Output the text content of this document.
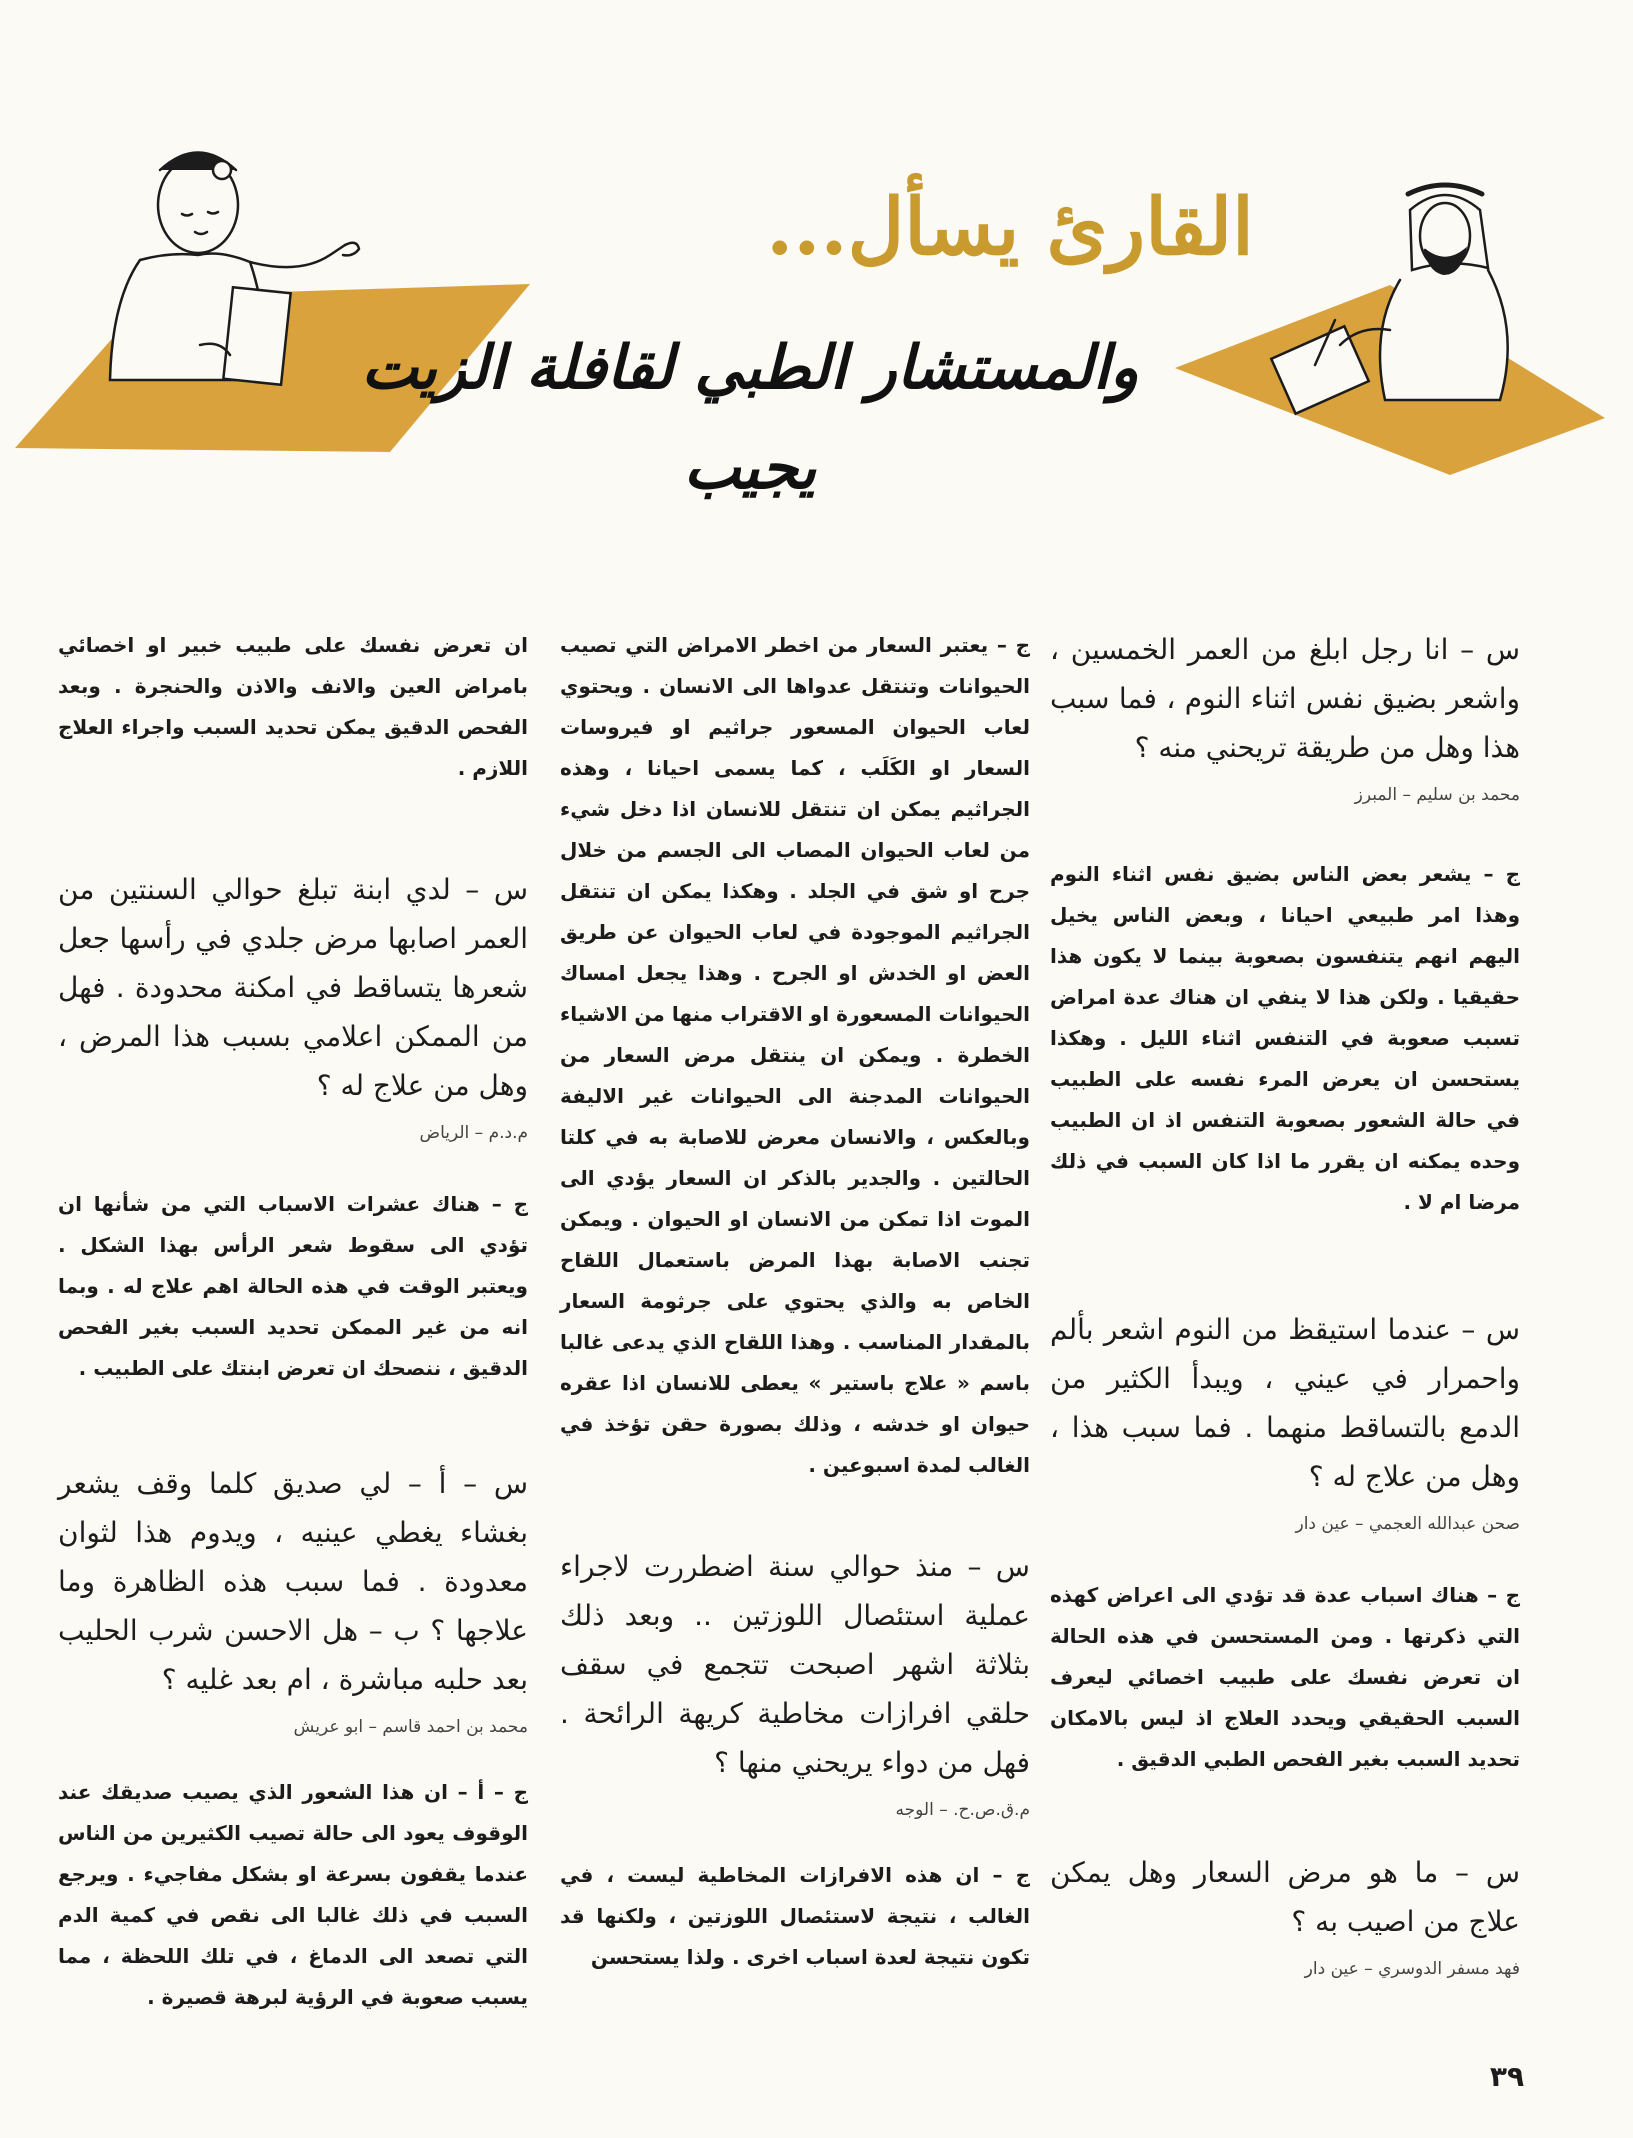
القارئ يسأل...
والمستشار الطبي لقافلة الزيت يجيب

س – انا رجل ابلغ من العمر الخمسين ، واشعر بضيق نفس اثناء النوم ، فما سبب هذا وهل من طريقة تريحني منه ؟

محمد بن سليم – المبرز

ج – يشعر بعض الناس بضيق نفس اثناء النوم وهذا امر طبيعي احيانا ، وبعض الناس يخيل اليهم انهم يتنفسون بصعوبة بينما لا يكون هذا حقيقيا . ولكن هذا لا ينفي ان هناك عدة امراض تسبب صعوبة في التنفس اثناء الليل . وهكذا يستحسن ان يعرض المرء نفسه على الطبيب في حالة الشعور بصعوبة التنفس اذ ان الطبيب وحده يمكنه ان يقرر ما اذا كان السبب في ذلك مرضا ام لا .

س – عندما استيقظ من النوم اشعر بألم واحمرار في عيني ، ويبدأ الكثير من الدمع بالتساقط منهما . فما سبب هذا ، وهل من علاج له ؟

صحن عبدالله العجمي – عين دار

ج – هناك اسباب عدة قد تؤدي الى اعراض كهذه التي ذكرتها . ومن المستحسن في هذه الحالة ان تعرض نفسك على طبيب اخصائي ليعرف السبب الحقيقي ويحدد العلاج اذ ليس بالامكان تحديد السبب بغير الفحص الطبي الدقيق .

س – ما هو مرض السعار وهل يمكن علاج من اصيب به ؟

فهد مسفر الدوسري – عين دار

ج – يعتبر السعار من اخطر الامراض التي تصيب الحيوانات وتنتقل عدواها الى الانسان . ويحتوي لعاب الحيوان المسعور جراثيم او فيروسات السعار او الكَلَب ، كما يسمى احيانا ، وهذه الجراثيم يمكن ان تنتقل للانسان اذا دخل شيء من لعاب الحيوان المصاب الى الجسم من خلال جرح او شق في الجلد . وهكذا يمكن ان تنتقل الجراثيم الموجودة في لعاب الحيوان عن طريق العض او الخدش او الجرح . وهذا يجعل امساك الحيوانات المسعورة او الاقتراب منها من الاشياء الخطرة . ويمكن ان ينتقل مرض السعار من الحيوانات المدجنة الى الحيوانات غير الاليفة وبالعكس ، والانسان معرض للاصابة به في كلتا الحالتين . والجدير بالذكر ان السعار يؤدي الى الموت اذا تمكن من الانسان او الحيوان . ويمكن تجنب الاصابة بهذا المرض باستعمال اللقاح الخاص به والذي يحتوي على جرثومة السعار بالمقدار المناسب . وهذا اللقاح الذي يدعى غالبا باسم « علاج باستير » يعطى للانسان اذا عقره حيوان او خدشه ، وذلك بصورة حقن تؤخذ في الغالب لمدة اسبوعين .

س – منذ حوالي سنة اضطررت لاجراء عملية استئصال اللوزتين .. وبعد ذلك بثلاثة اشهر اصبحت تتجمع في سقف حلقي افرازات مخاطية كريهة الرائحة . فهل من دواء يريحني منها ؟

م.ق.ص.ح. – الوجه

ج – ان هذه الافرازات المخاطية ليست ، في الغالب ، نتيجة لاستئصال اللوزتين ، ولكنها قد تكون نتيجة لعدة اسباب اخرى . ولذا يستحسن

ان تعرض نفسك على طبيب خبير او اخصائي بامراض العين والانف والاذن والحنجرة . وبعد الفحص الدقيق يمكن تحديد السبب واجراء العلاج اللازم .

س – لدي ابنة تبلغ حوالي السنتين من العمر اصابها مرض جلدي في رأسها جعل شعرها يتساقط في امكنة محدودة . فهل من الممكن اعلامي بسبب هذا المرض ، وهل من علاج له ؟

م.د.م – الرياض

ج – هناك عشرات الاسباب التي من شأنها ان تؤدي الى سقوط شعر الرأس بهذا الشكل . ويعتبر الوقت في هذه الحالة اهم علاج له . وبما انه من غير الممكن تحديد السبب بغير الفحص الدقيق ، ننصحك ان تعرض ابنتك على الطبيب .

س – أ – لي صديق كلما وقف يشعر بغشاء يغطي عينيه ، ويدوم هذا لثوان معدودة . فما سبب هذه الظاهرة وما علاجها ؟ ب – هل الاحسن شرب الحليب بعد حلبه مباشرة ، ام بعد غليه ؟

محمد بن احمد قاسم – ابو عريش

ج – أ – ان هذا الشعور الذي يصيب صديقك عند الوقوف يعود الى حالة تصيب الكثيرين من الناس عندما يقفون بسرعة او بشكل مفاجيء . ويرجع السبب في ذلك غالبا الى نقص في كمية الدم التي تصعد الى الدماغ ، في تلك اللحظة ، مما يسبب صعوبة في الرؤية لبرهة قصيرة .

٣٩
